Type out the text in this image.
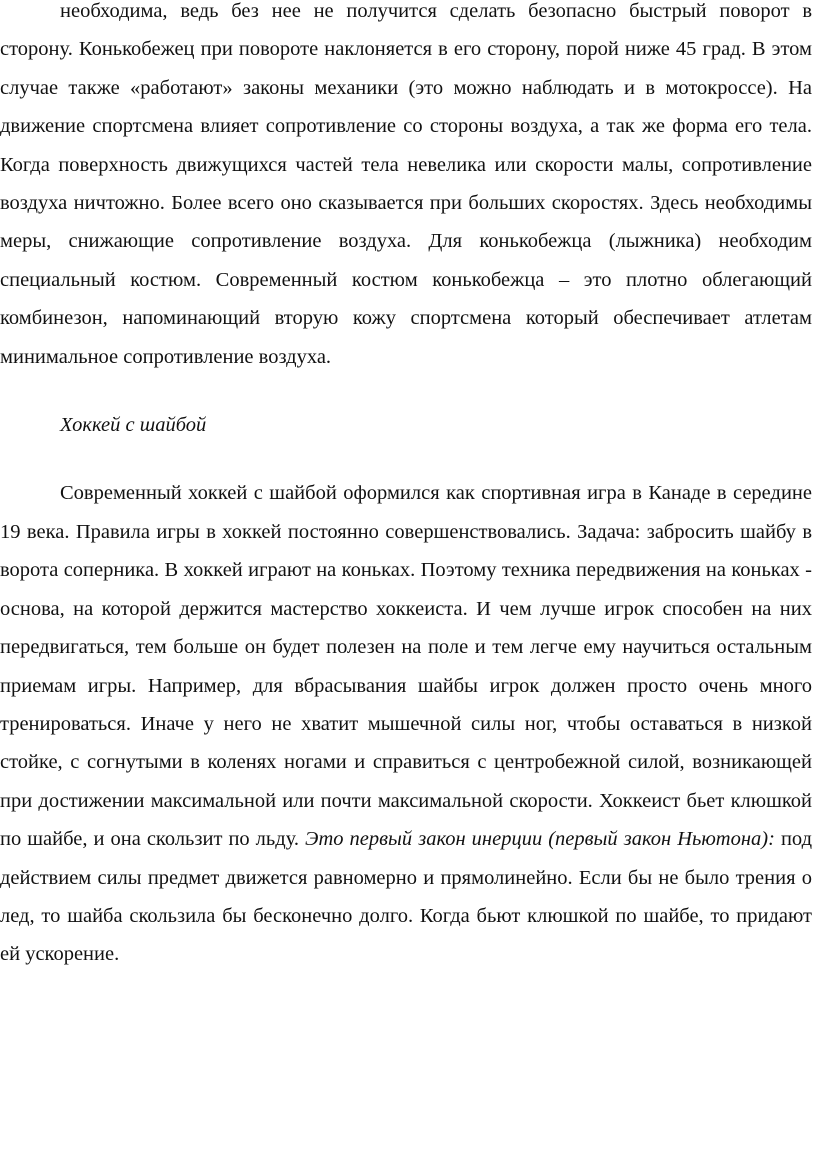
необходима, ведь без нее не получится сделать безопасно быстрый поворот в сторону. Конькобежец при повороте наклоняется в его сторону, порой ниже 45 град. В этом случае также «работают» законы механики (это можно наблюдать и в мотокроссе). На движение спортсмена влияет сопротивление со стороны воздуха, а так же форма его тела. Когда поверхность движущихся частей тела невелика или скорости малы, сопротивление воздуха ничтожно. Более всего оно сказывается при больших скоростях. Здесь необходимы меры, снижающие сопротивление воздуха. Для конькобежца (лыжника) необходим специальный костюм. Современный костюм конькобежца – это плотно облегающий комбинезон, напоминающий вторую кожу спортсмена который обеспечивает атлетам минимальное сопротивление воздуха.

Хоккей с шайбой

Современный хоккей с шайбой оформился как спортивная игра в Канаде в середине 19 века. Правила игры в хоккей постоянно совершенствовались. Задача: забросить шайбу в ворота соперника. В хоккей играют на коньках. Поэтому техника передвижения на коньках - основа, на которой держится мастерство хоккеиста. И чем лучше игрок способен на них передвигаться, тем больше он будет полезен на поле и тем легче ему научиться остальным приемам игры. Например, для вбрасывания шайбы игрок должен просто очень много тренироваться. Иначе у него не хватит мышечной силы ног, чтобы оставаться в низкой стойке, с согнутыми в коленях ногами и справиться с центробежной силой, возникающей при достижении максимальной или почти максимальной скорости. Хоккеист бьет клюшкой по шайбе, и она скользит по льду. Это первый закон инерции (первый закон Ньютона): под действием силы предмет движется равномерно и прямолинейно. Если бы не было трения о лед, то шайба скользила бы бесконечно долго. Когда бьют клюшкой по шайбе, то придают ей ускорение.
